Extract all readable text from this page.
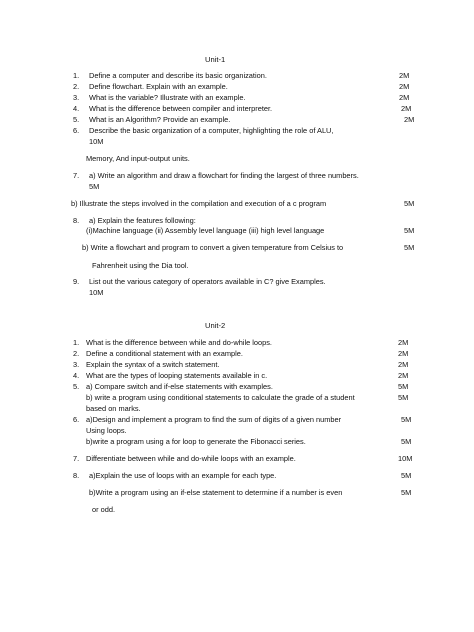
Unit-1
1. Define a computer and describe its basic organization.	2M
2. Define flowchart. Explain with an example.	2M
3. What is the variable? Illustrate with an example.	2M
4. What is the difference between compiler and interpreter.	2M
5. What is an Algorithm? Provide an example.	2M
6. Describe the basic organization of a computer, highlighting the role of ALU,
10M
Memory, And input-output units.
7. a) Write an algorithm and draw a flowchart for finding the largest of three numbers.
5M
b) Illustrate the steps involved in the compilation and execution of a c program	5M
8. a) Explain the features following:
(i)Machine language (ii) Assembly level language (iii) high level language	5M
b) Write a flowchart and program to convert a given temperature from Celsius to	5M
Fahrenheit using the Dia tool.
9. List out the various category of operators available in C? give Examples.
10M
Unit-2
1. What is the difference between while and do-while loops.	2M
2. Define a conditional statement with an example.	2M
3. Explain the syntax of a switch statement.	2M
4. What are the types of looping statements available in c.	2M
5. a) Compare switch and if-else statements with examples.	5M
b) write a program using conditional statements to calculate the grade of a student	5M
based on marks.
6. a)Design and implement a program to find the sum of digits of a given number	5M
Using loops.
b)write a program using a for loop to generate the Fibonacci series.	5M
7. Differentiate between while and do-while loops with an example.	10M
8. a)Explain the use of loops with an example for each type.	5M
b)Write a program using an if-else statement to determine if a number is even	5M
or odd.
